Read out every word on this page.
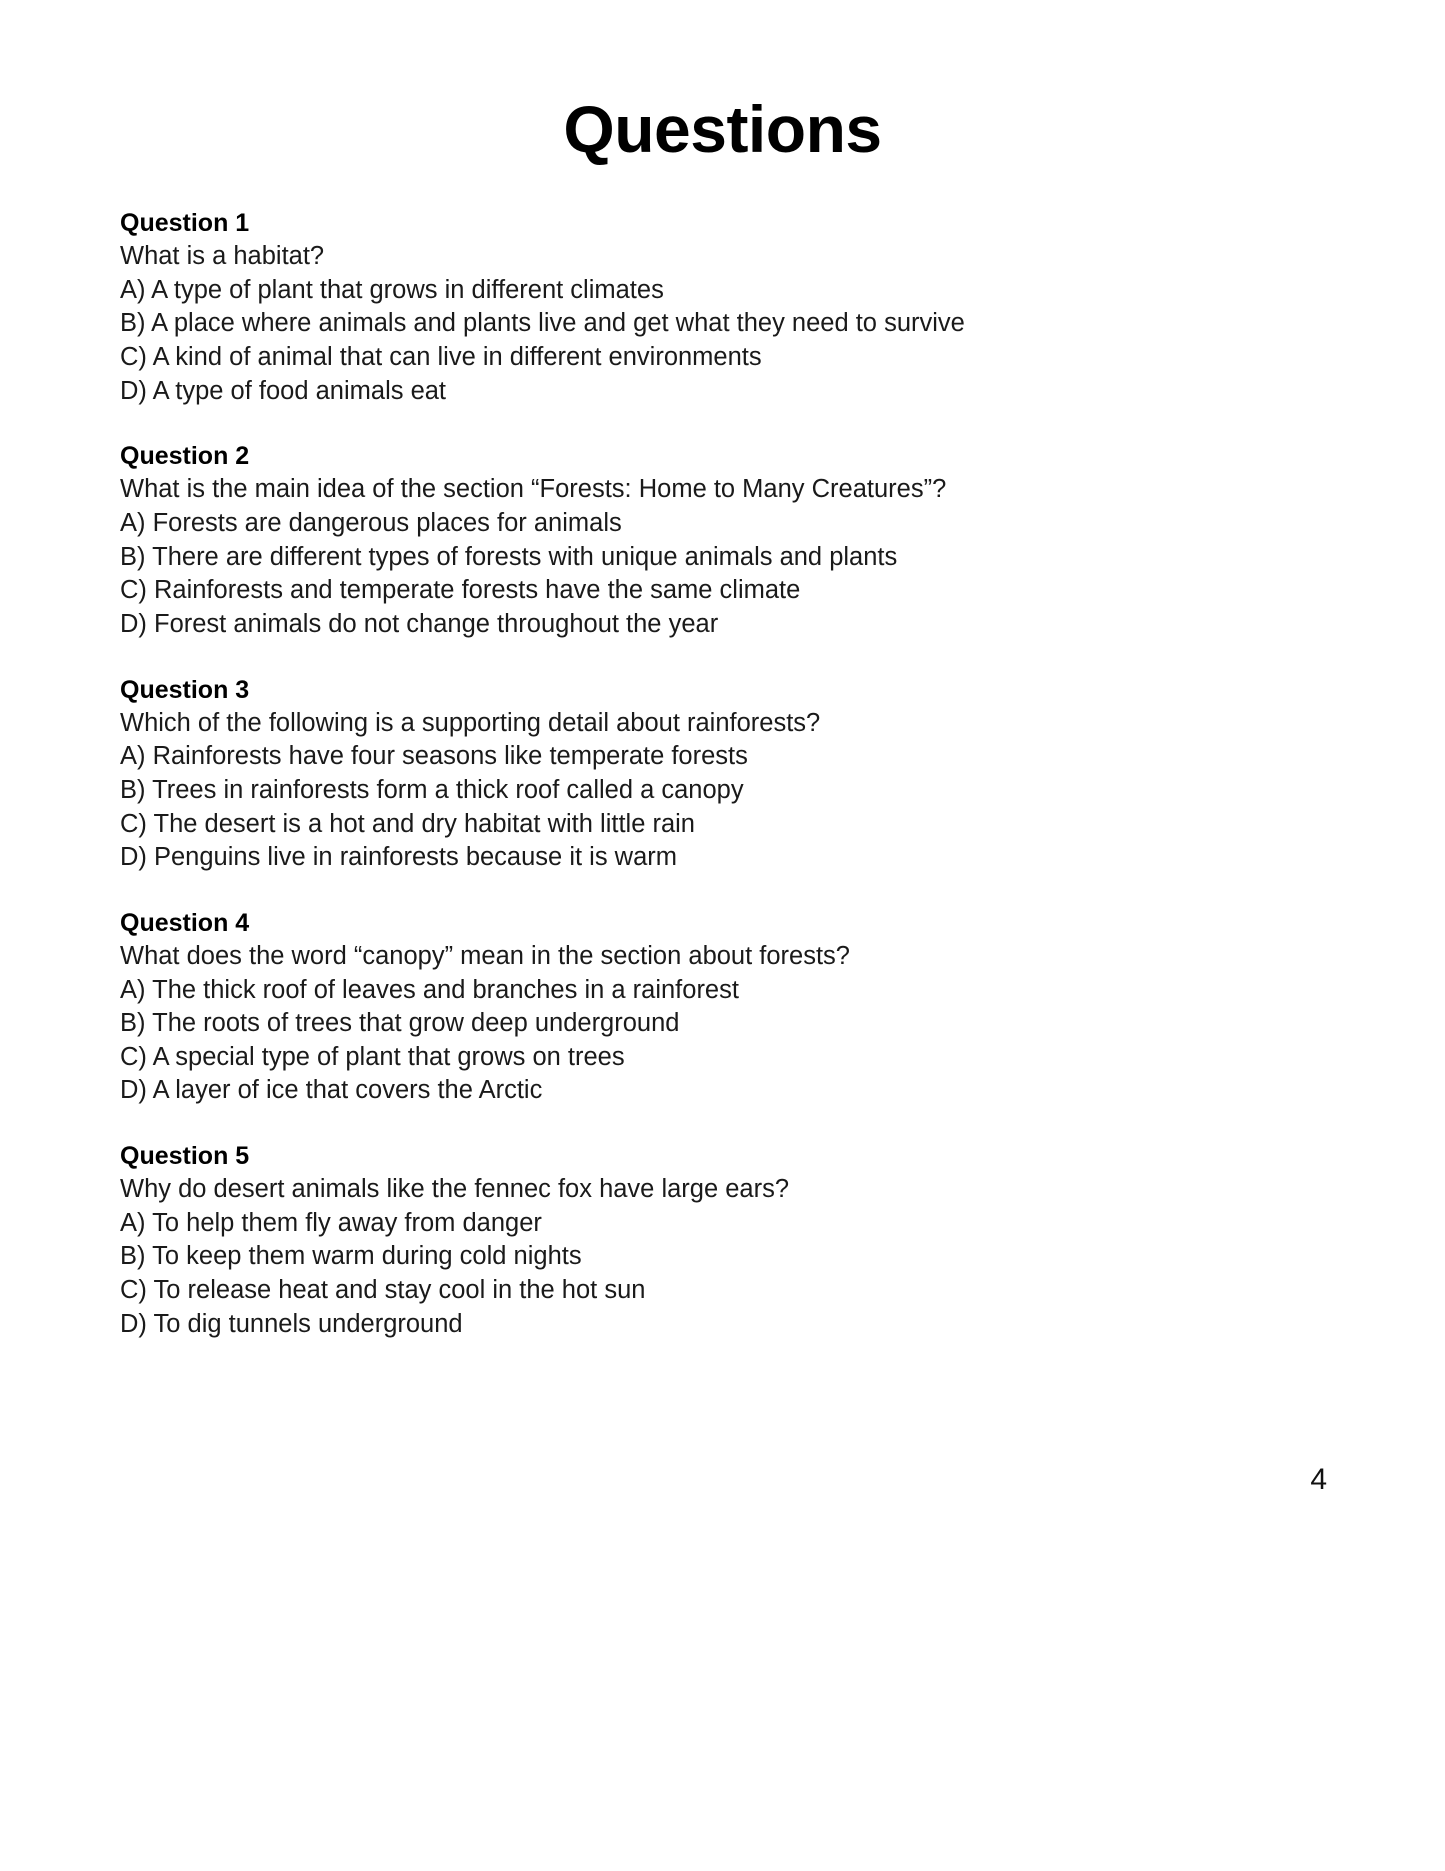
Questions
Question 1
What is a habitat?
A) A type of plant that grows in different climates
B) A place where animals and plants live and get what they need to survive
C) A kind of animal that can live in different environments
D) A type of food animals eat
Question 2
What is the main idea of the section “Forests: Home to Many Creatures”?
A) Forests are dangerous places for animals
B) There are different types of forests with unique animals and plants
C) Rainforests and temperate forests have the same climate
D) Forest animals do not change throughout the year
Question 3
Which of the following is a supporting detail about rainforests?
A) Rainforests have four seasons like temperate forests
B) Trees in rainforests form a thick roof called a canopy
C) The desert is a hot and dry habitat with little rain
D) Penguins live in rainforests because it is warm
Question 4
What does the word “canopy” mean in the section about forests?
A) The thick roof of leaves and branches in a rainforest
B) The roots of trees that grow deep underground
C) A special type of plant that grows on trees
D) A layer of ice that covers the Arctic
Question 5
Why do desert animals like the fennec fox have large ears?
A) To help them fly away from danger
B) To keep them warm during cold nights
C) To release heat and stay cool in the hot sun
D) To dig tunnels underground
4
